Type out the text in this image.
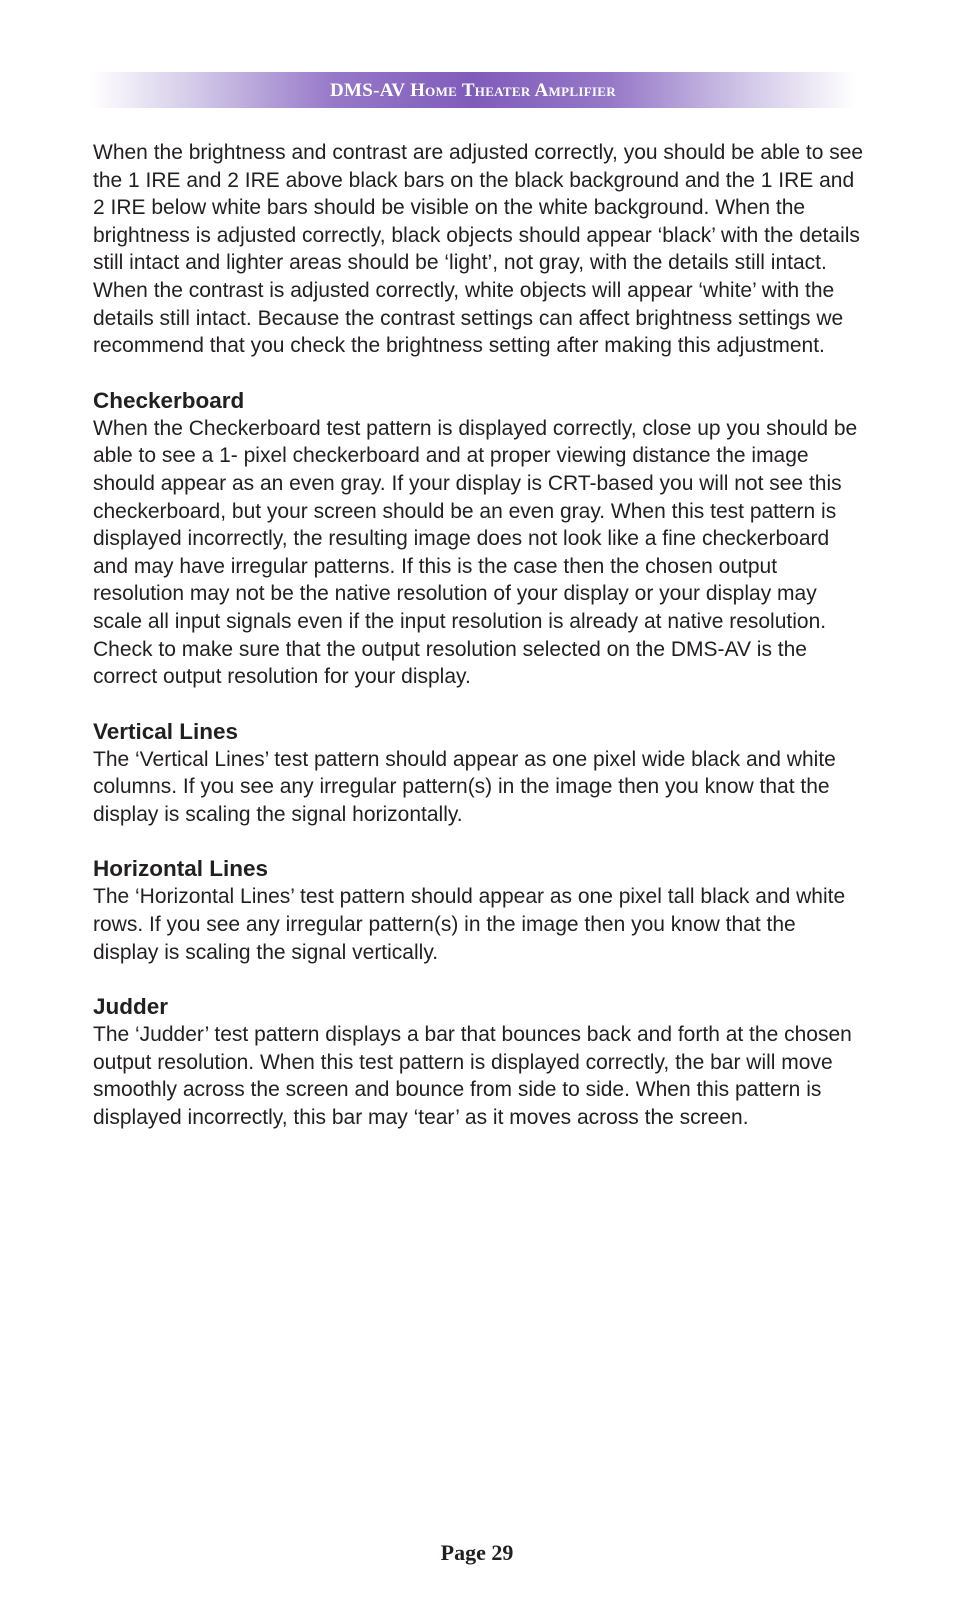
DMS-AV Home Theater Amplifier

When the brightness and contrast are adjusted correctly, you should be able to see the 1 IRE and 2 IRE above black bars on the black background and the 1 IRE and 2 IRE below white bars should be visible on the white background. When the brightness is adjusted correctly, black objects should appear ‘black’ with the details still intact and lighter areas should be ‘light’, not gray, with the details still intact. When the contrast is adjusted correctly, white objects will appear ‘white’ with the details still intact. Because the contrast settings can affect brightness settings we recommend that you check the brightness setting after making this adjustment.

Checkerboard

When the Checkerboard test pattern is displayed correctly, close up you should be able to see a 1- pixel checkerboard and at proper viewing distance the image should appear as an even gray. If your display is CRT-based you will not see this checkerboard, but your screen should be an even gray. When this test pattern is displayed incorrectly, the resulting image does not look like a fine checkerboard and may have irregular patterns. If this is the case then the chosen output resolution may not be the native resolution of your display or your display may scale all input signals even if the input resolution is already at native resolution. Check to make sure that the output resolution selected on the DMS-AV is the correct output resolution for your display.

Vertical Lines

The ‘Vertical Lines’ test pattern should appear as one pixel wide black and white columns. If you see any irregular pattern(s) in the image then you know that the display is scaling the signal horizontally.

Horizontal Lines

The ‘Horizontal Lines’ test pattern should appear as one pixel tall black and white rows. If you see any irregular pattern(s) in the image then you know that the display is scaling the signal vertically.

Judder

The ‘Judder’ test pattern displays a bar that bounces back and forth at the chosen output resolution. When this test pattern is displayed correctly, the bar will move smoothly across the screen and bounce from side to side. When this pattern is displayed incorrectly, this bar may ‘tear’ as it moves across the screen.

Page 29
